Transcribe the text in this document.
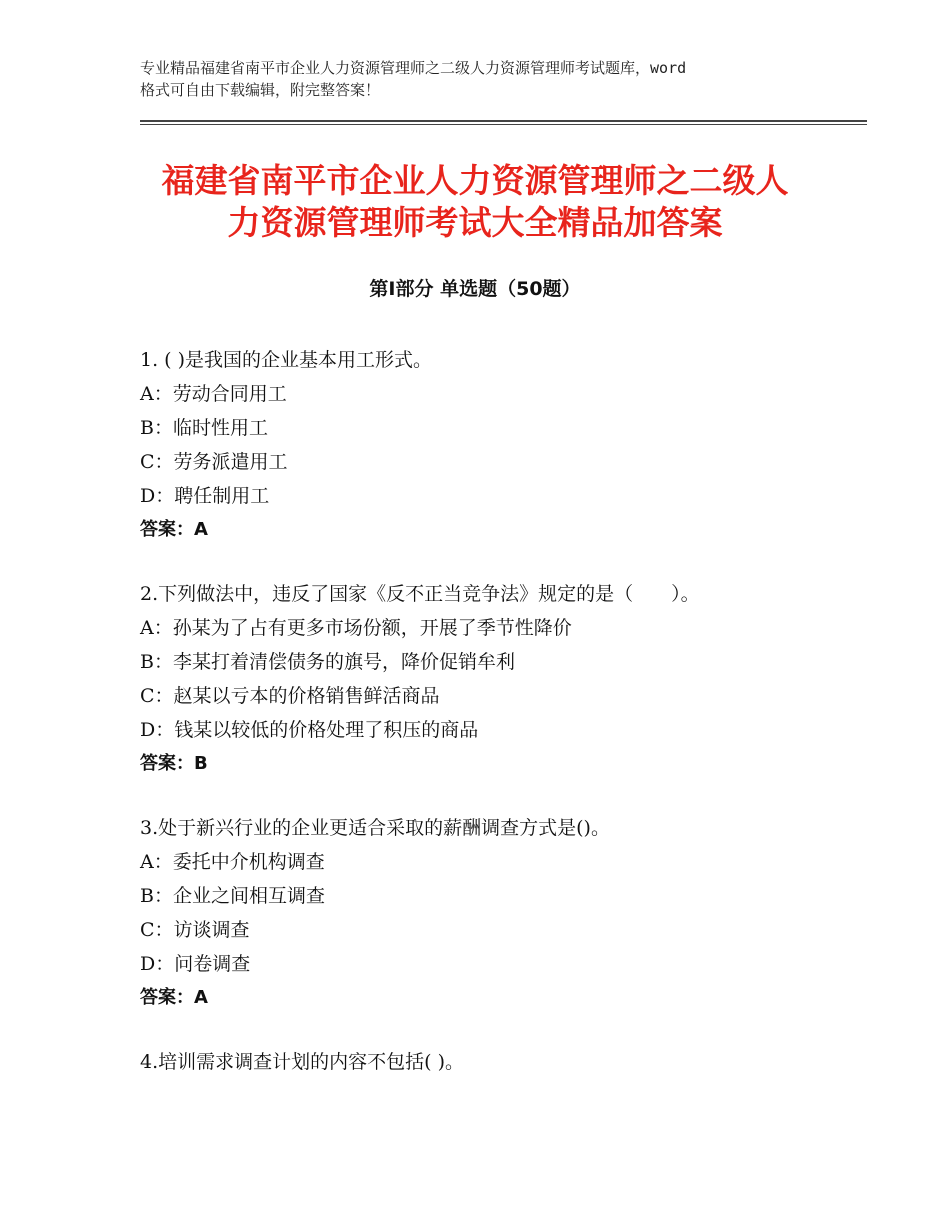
专业精品福建省南平市企业人力资源管理师之二级人力资源管理师考试题库，word
格式可自由下载编辑，附完整答案！
福建省南平市企业人力资源管理师之二级人
力资源管理师考试大全精品加答案
第Ⅰ部分 单选题（50题）
1. ( )是我国的企业基本用工形式。
A：劳动合同用工
B：临时性用工
C：劳务派遣用工
D：聘任制用工
答案：A
2.下列做法中，违反了国家《反不正当竞争法》规定的是（　　）。
A：孙某为了占有更多市场份额，开展了季节性降价
B：李某打着清偿债务的旗号，降价促销牟利
C：赵某以亏本的价格销售鲜活商品
D：钱某以较低的价格处理了积压的商品
答案：B
3.处于新兴行业的企业更适合采取的薪酬调查方式是()。
A：委托中介机构调查
B：企业之间相互调查
C：访谈调查
D：问卷调查
答案：A
4.培训需求调查计划的内容不包括( )。
